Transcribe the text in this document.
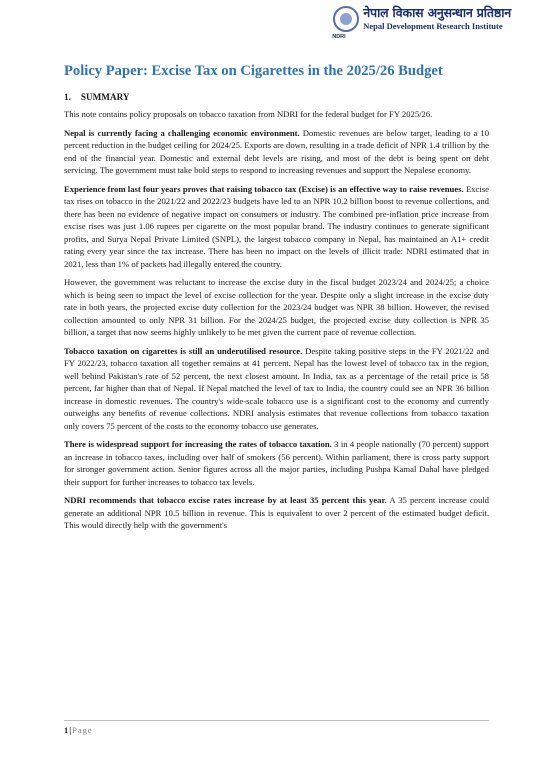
नेपाल विकास अनुसन्धान प्रतिष्ठान
Nepal Development Research Institute
NDRI
Policy Paper: Excise Tax on Cigarettes in the 2025/26 Budget
1. SUMMARY

This note contains policy proposals on tobacco taxation from NDRI for the federal budget for FY 2025/26.

Nepal is currently facing a challenging economic environment. Domestic revenues are below target, leading to a 10 percent reduction in the budget ceiling for 2024/25. Exports are down, resulting in a trade deficit of NPR 1.4 trillion by the end of the financial year. Domestic and external debt levels are rising, and most of the debt is being spent on debt servicing. The government must take bold steps to respond to increasing revenues and support the Nepalese economy.

Experience from last four years proves that raising tobacco tax (Excise) is an effective way to raise revenues. Excise tax rises on tobacco in the 2021/22 and 2022/23 budgets have led to an NPR 10.2 billion boost to revenue collections, and there has been no evidence of negative impact on consumers or industry. The combined pre-inflation price increase from excise rises was just 1.06 rupees per cigarette on the most popular brand. The industry continues to generate significant profits, and Surya Nepal Private Limited (SNPL), the largest tobacco company in Nepal, has maintained an A1+ credit rating every year since the tax increase. There has been no impact on the levels of illicit trade: NDRI estimated that in 2021, less than 1% of packets had illegally entered the country.

However, the government was reluctant to increase the excise duty in the fiscal budget 2023/24 and 2024/25; a choice which is being seen to impact the level of excise collection for the year. Despite only a slight increase in the excise duty rate in both years, the projected excise duty collection for the 2023/24 budget was NPR 38 billion. However, the revised collection amounted to only NPR 31 billion. For the 2024/25 budget, the projected excise duty collection is NPR 35 billion, a target that now seems highly unlikely to be met given the current pace of revenue collection.

Tobacco taxation on cigarettes is still an underutilised resource. Despite taking positive steps in the FY 2021/22 and FY 2022/23, tobacco taxation all together remains at 41 percent. Nepal has the lowest level of tobacco tax in the region, well behind Pakistan's rate of 52 percent, the next closest amount. In India, tax as a percentage of the retail price is 58 percent, far higher than that of Nepal. If Nepal matched the level of tax to India, the country could see an NPR 36 billion increase in domestic revenues. The country's wide-scale tobacco use is a significant cost to the economy and currently outweighs any benefits of revenue collections. NDRI analysis estimates that revenue collections from tobacco taxation only covers 75 percent of the costs to the economy tobacco use generates.

There is widespread support for increasing the rates of tobacco taxation. 3 in 4 people nationally (70 percent) support an increase in tobacco taxes, including over half of smokers (56 percent). Within parliament, there is cross party support for stronger government action. Senior figures across all the major parties, including Pushpa Kamal Dahal have pledged their support for further increases to tobacco tax levels.

NDRI recommends that tobacco excise rates increase by at least 35 percent this year. A 35 percent increase could generate an additional NPR 10.5 billion in revenue. This is equivalent to over 2 percent of the estimated budget deficit. This would directly help with the government's

1|Page
